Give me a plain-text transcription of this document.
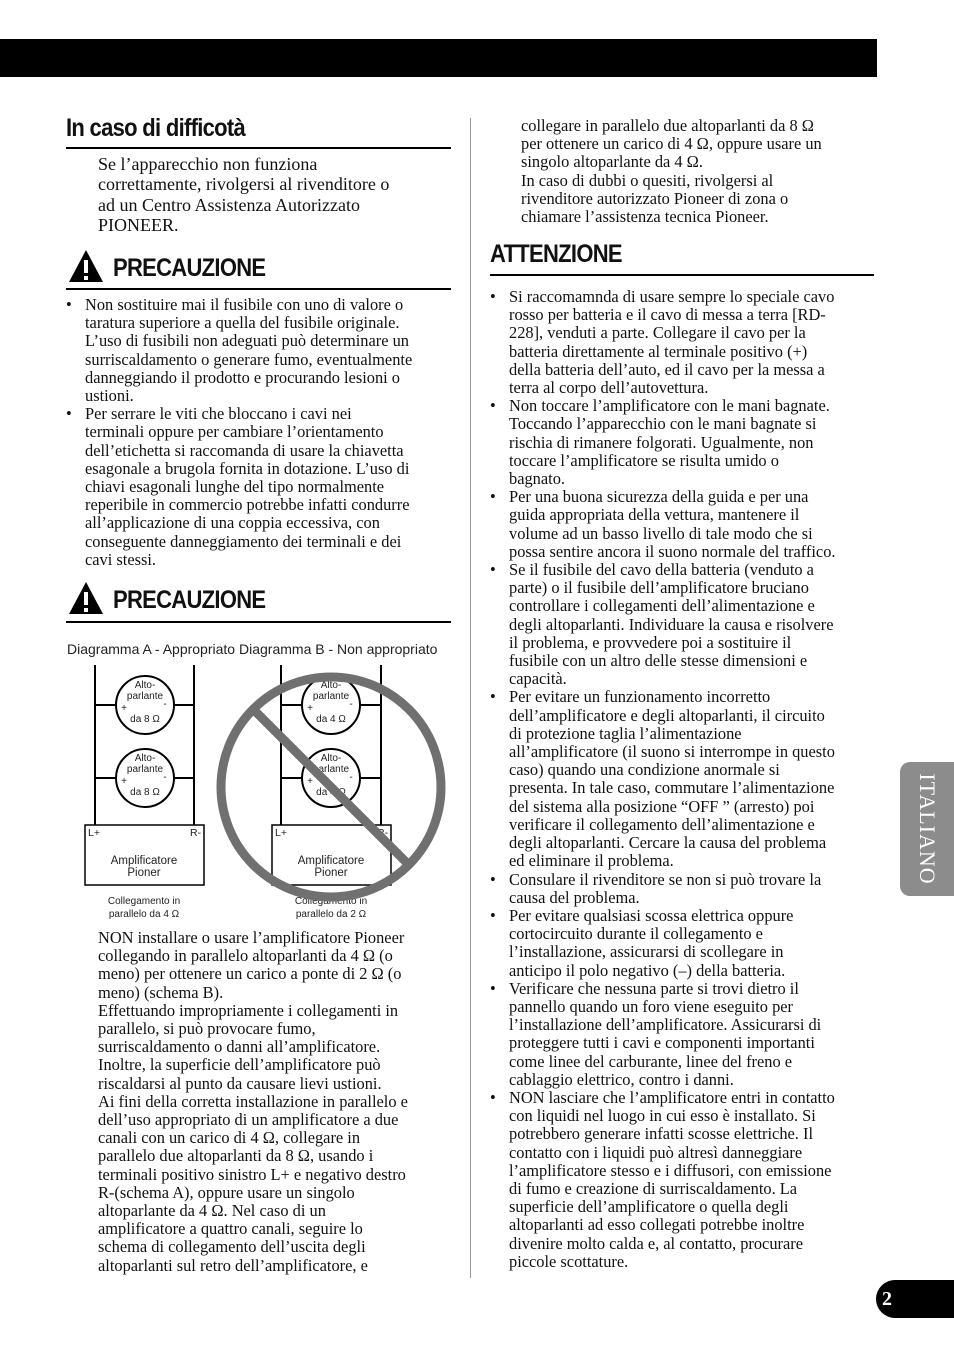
In caso di difficotà
Se l’apparecchio non funziona
correttamente, rivolgersi al rivenditore o
ad un Centro Assistenza Autorizzato
PIONEER.
PRECAUZIONE
• Non sostituire mai il fusibile con uno di valore o
taratura superiore a quella del fusibile originale.
L’uso di fusibili non adeguati può determinare un
surriscaldamento o generare fumo, eventualmente
danneggiando il prodotto e procurando lesioni o
ustioni.
• Per serrare le viti che bloccano i cavi nei
terminali oppure per cambiare l’orientamento
dell’etichetta si raccomanda di usare la chiavetta
esagonale a brugola fornita in dotazione. L’uso di
chiavi esagonali lunghe del tipo normalmente
reperibile in commercio potrebbe infatti condurre
all’applicazione di una coppia eccessiva, con
conseguente danneggiamento dei terminali e dei
cavi stessi.
PRECAUZIONE
Diagramma A - Appropriato Diagramma B - Non appropriato
Alto-
parlante
da 8 Ω
Alto-
parlante
da 8 Ω
Alto-
parlante
da 4 Ω
Alto-
parlante
da 4 Ω
+	-
+	-
+	-
+	-
Amplificatore
Pioner
Amplificatore
Pioner
Collegamento in
parallelo da 4 Ω
Collegamento in
parallelo da 2 Ω
L+	R-	L+	R-
NON installare o usare l’amplificatore Pioneer
collegando in parallelo altoparlanti da 4 Ω (o
meno) per ottenere un carico a ponte di 2 Ω (o
meno) (schema B).
Effettuando impropriamente i collegamenti in
parallelo, si può provocare fumo,
surriscaldamento o danni all’amplificatore.
Inoltre, la superficie dell’amplificatore può
riscaldarsi al punto da causare lievi ustioni.
Ai fini della corretta installazione in parallelo e
dell’uso appropriato di un amplificatore a due
canali con un carico di 4 Ω, collegare in
parallelo due altoparlanti da 8 Ω, usando i
terminali positivo sinistro L+ e negativo destro
R-(schema A), oppure usare un singolo
altoparlante da 4 Ω. Nel caso di un
amplificatore a quattro canali, seguire lo
schema di collegamento dell’uscita degli
altoparlanti sul retro dell’amplificatore, e
collegare in parallelo due altoparlanti da 8 Ω
per ottenere un carico di 4 Ω, oppure usare un
singolo altoparlante da 4 Ω.
In caso di dubbi o quesiti, rivolgersi al
rivenditore autorizzato Pioneer di zona o
chiamare l’assistenza tecnica Pioneer.
ATTENZIONE
• Si raccomamnda di usare sempre lo speciale cavo
rosso per batteria e il cavo di messa a terra [RD-
228], venduti a parte. Collegare il cavo per la
batteria direttamente al terminale positivo (+)
della batteria dell’auto, ed il cavo per la messa a
terra al corpo dell’autovettura.
• Non toccare l’amplificatore con le mani bagnate.
Toccando l’apparecchio con le mani bagnate si
rischia di rimanere folgorati. Ugualmente, non
toccare l’amplificatore se risulta umido o
bagnato.
• Per una buona sicurezza della guida e per una
guida appropriata della vettura, mantenere il
volume ad un basso livello di tale modo che si
possa sentire ancora il suono normale del traffico.
• Se il fusibile del cavo della batteria (venduto a
parte) o il fusibile dell’amplificatore bruciano
controllare i collegamenti dell’alimentazione e
degli altoparlanti. Individuare la causa e risolvere
il problema, e provvedere poi a sostituire il
fusibile con un altro delle stesse dimensioni e
capacità.
• Per evitare un funzionamento incorretto
dell’amplificatore e degli altoparlanti, il circuito
di protezione taglia l’alimentazione
all’amplificatore (il suono si interrompe in questo
caso) quando una condizione anormale si
presenta. In tale caso, commutare l’alimentazione
del sistema alla posizione “OFF ” (arresto) poi
verificare il collegamento dell’alimentazione e
degli altoparlanti. Cercare la causa del problema
ed eliminare il problema.
• Consulare il rivenditore se non si può trovare la
causa del problema.
• Per evitare qualsiasi scossa elettrica oppure
cortocircuito durante il collegamento e
l’installazione, assicurarsi di scollegare in
anticipo il polo negativo (–) della batteria.
• Verificare che nessuna parte si trovi dietro il
pannello quando un foro viene eseguito per
l’installazione dell’amplificatore. Assicurarsi di
proteggere tutti i cavi e componenti importanti
come linee del carburante, linee del freno e
cablaggio elettrico, contro i danni.
• NON lasciare che l’amplificatore entri in contatto
con liquidi nel luogo in cui esso è installato. Si
potrebbero generare infatti scosse elettriche. Il
contatto con i liquidi può altresì danneggiare
l’amplificatore stesso e i diffusori, con emissione
di fumo e creazione di surriscaldamento. La
superficie dell’amplificatore o quella degli
altoparlanti ad esso collegati potrebbe inoltre
divenire molto calda e, al contatto, procurare
piccole scottature.
ITALIANO
2
